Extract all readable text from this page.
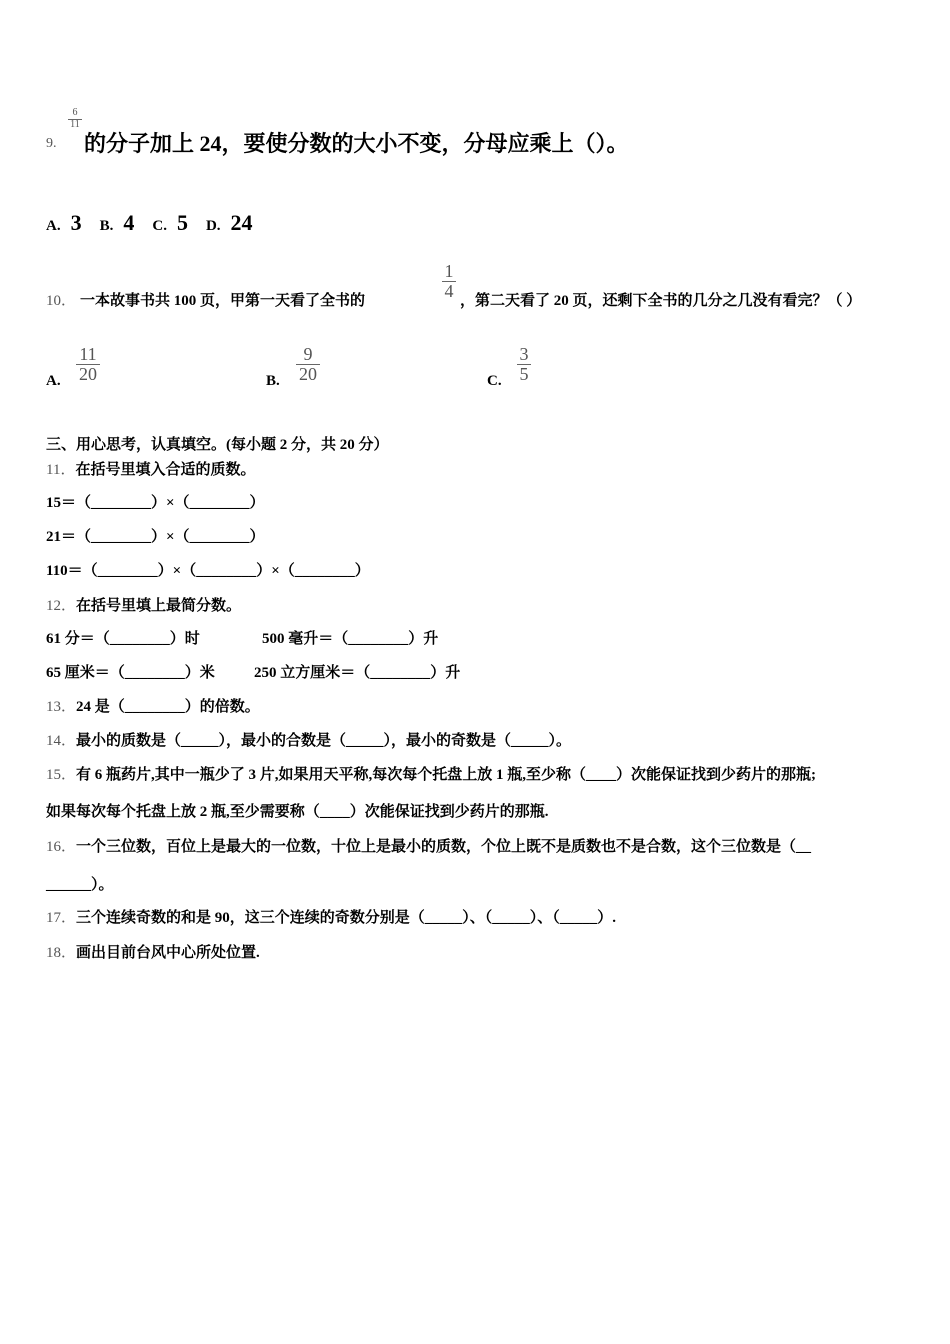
9.
$\frac{6}{11}$
的分子加上 24，要使分数的大小不变，分母应乘上（）。
A. 3 B. 4 C. 5 D. 24
10． 一本故事书共 100 页，甲第一天看了全书的
$\frac{1}{4}$
，第二天看了 20 页，还剩下全书的几分之几没有看完？（ ）
A. $\frac{11}{20}$	B. $\frac{9}{20}$	C. $\frac{3}{5}$
三、用心思考，认真填空。(每小题 2 分，共 20 分）
11．在括号里填入合适的质数。
15＝（________）×（________）
21＝（________）×（________）
110＝（________）×（________）×（________）
12．在括号里填上最简分数。
61 分＝（________）时	500 毫升＝（________）升
65 厘米＝（________）米	250 立方厘米＝（________）升
13．24 是（________）的倍数。
14．最小的质数是（_____），最小的合数是（_____），最小的奇数是（_____）。
15．有 6 瓶药片,其中一瓶少了 3 片,如果用天平称,每次每个托盘上放 1 瓶,至少称（____）次能保证找到少药片的那瓶;
如果每次每个托盘上放 2 瓶,至少需要称（____）次能保证找到少药片的那瓶.
16．一个三位数，百位上是最大的一位数，十位上是最小的质数，个位上既不是质数也不是合数，这个三位数是（__
______）。
17．三个连续奇数的和是 90，这三个连续的奇数分别是（_____）、（_____）、（_____）.
18．画出目前台风中心所处位置.
